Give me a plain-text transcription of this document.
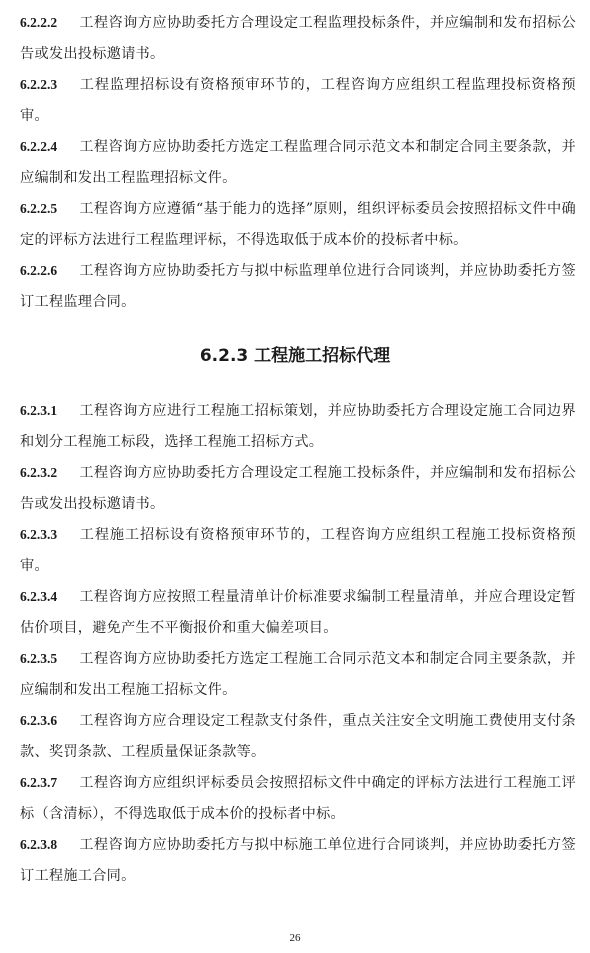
6.2.2.2 工程咨询方应协助委托方合理设定工程监理投标条件，并应编制和发布招标公告或发出投标邀请书。

6.2.2.3 工程监理招标设有资格预审环节的，工程咨询方应组织工程监理投标资格预审。

6.2.2.4 工程咨询方应协助委托方选定工程监理合同示范文本和制定合同主要条款，并应编制和发出工程监理招标文件。

6.2.2.5 工程咨询方应遵循“基于能力的选择”原则，组织评标委员会按照招标文件中确定的评标方法进行工程监理评标，不得选取低于成本价的投标者中标。

6.2.2.6 工程咨询方应协助委托方与拟中标监理单位进行合同谈判，并应协助委托方签订工程监理合同。

6.2.3 工程施工招标代理

6.2.3.1 工程咨询方应进行工程施工招标策划，并应协助委托方合理设定施工合同边界和划分工程施工标段，选择工程施工招标方式。

6.2.3.2 工程咨询方应协助委托方合理设定工程施工投标条件，并应编制和发布招标公告或发出投标邀请书。

6.2.3.3 工程施工招标设有资格预审环节的，工程咨询方应组织工程施工投标资格预审。

6.2.3.4 工程咨询方应按照工程量清单计价标准要求编制工程量清单，并应合理设定暂估价项目，避免产生不平衡报价和重大偏差项目。

6.2.3.5 工程咨询方应协助委托方选定工程施工合同示范文本和制定合同主要条款，并应编制和发出工程施工招标文件。

6.2.3.6 工程咨询方应合理设定工程款支付条件，重点关注安全文明施工费使用支付条款、奖罚条款、工程质量保证条款等。

6.2.3.7 工程咨询方应组织评标委员会按照招标文件中确定的评标方法进行工程施工评标（含清标），不得选取低于成本价的投标者中标。

6.2.3.8 工程咨询方应协助委托方与拟中标施工单位进行合同谈判，并应协助委托方签订工程施工合同。

26
